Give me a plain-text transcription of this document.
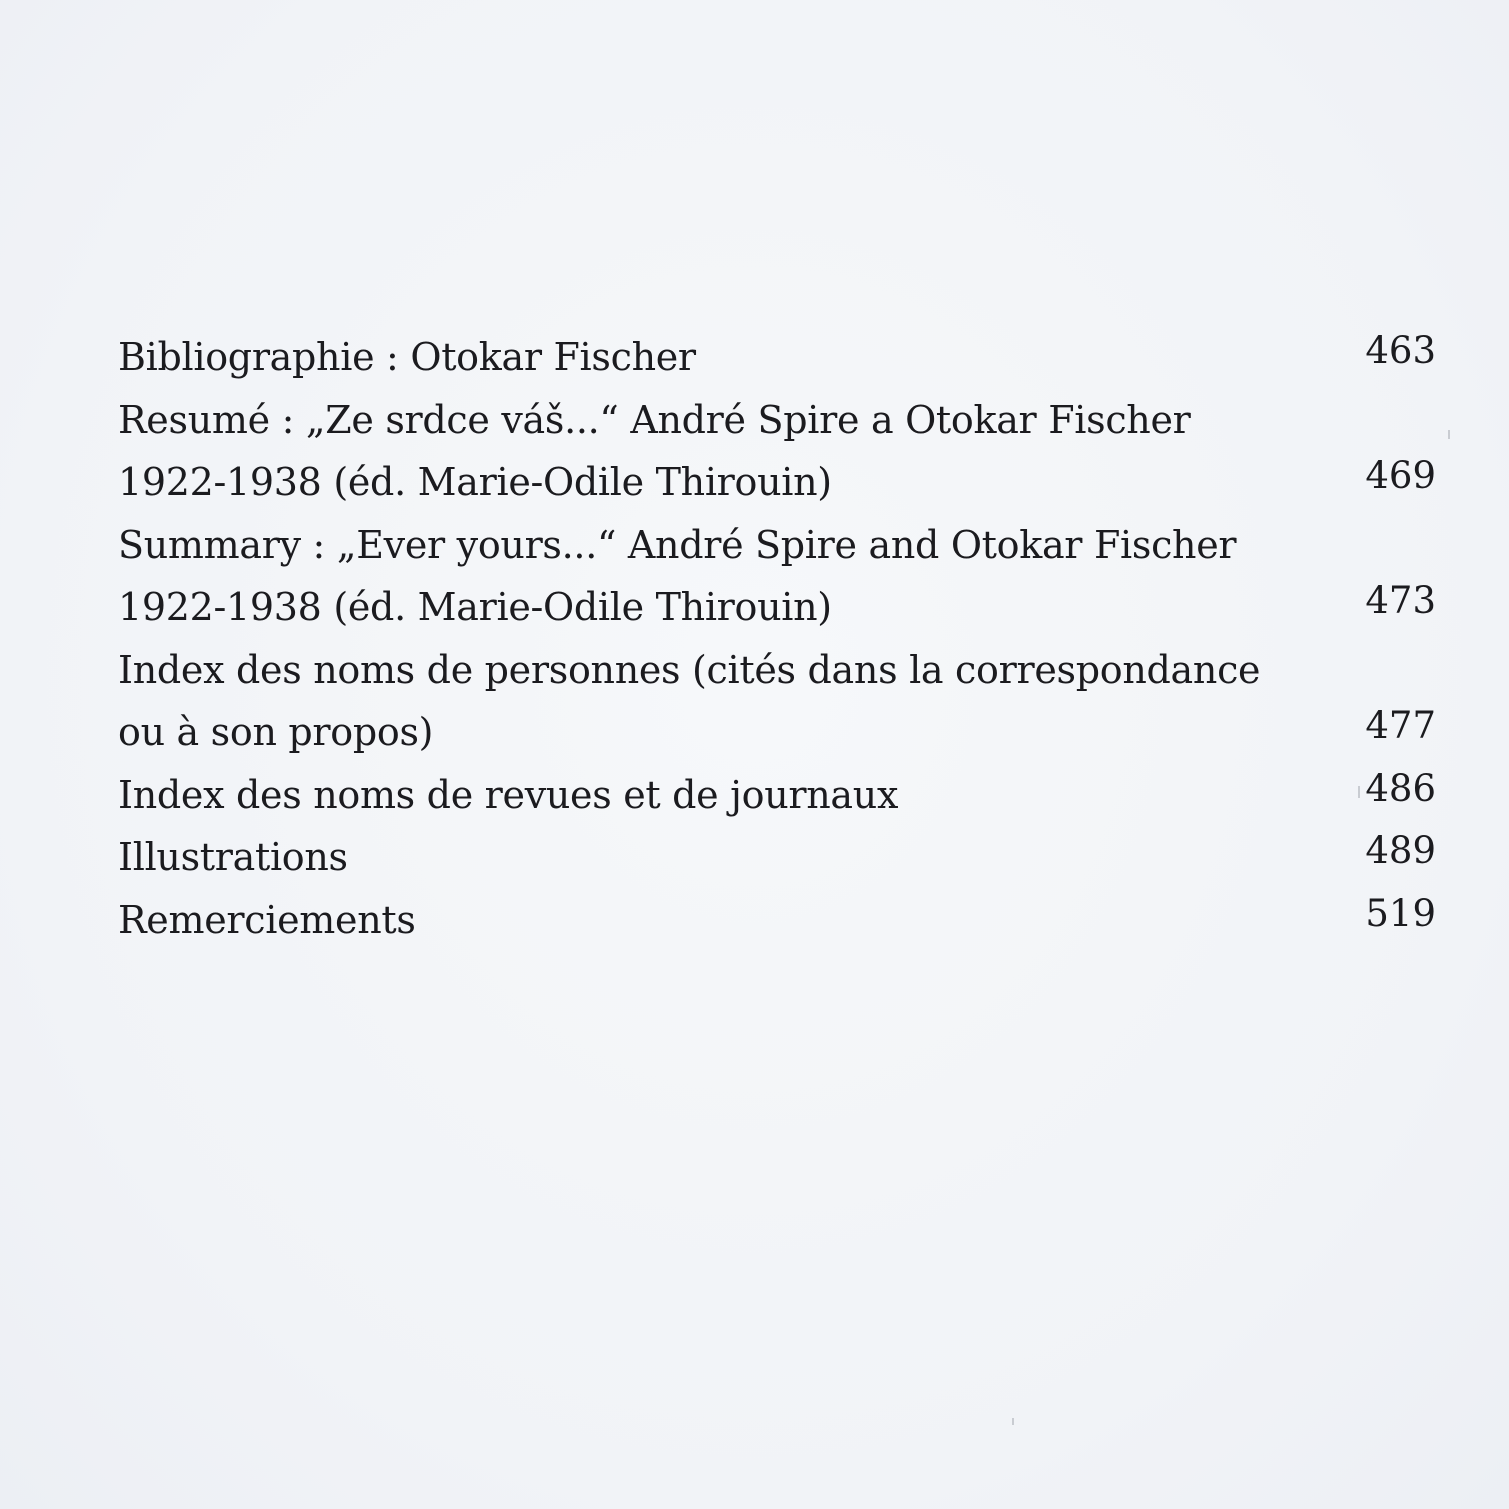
Bibliographie : Otokar Fischer	463
Resumé : „Ze srdce váš...“ André Spire a Otokar Fischer
1922-1938 (éd. Marie-Odile Thirouin)	469
Summary : „Ever yours...“ André Spire and Otokar Fischer
1922-1938 (éd. Marie-Odile Thirouin)	473
Index des noms de personnes (cités dans la correspondance
ou à son propos)	477
Index des noms de revues et de journaux	486
Illustrations	489
Remerciements	519
